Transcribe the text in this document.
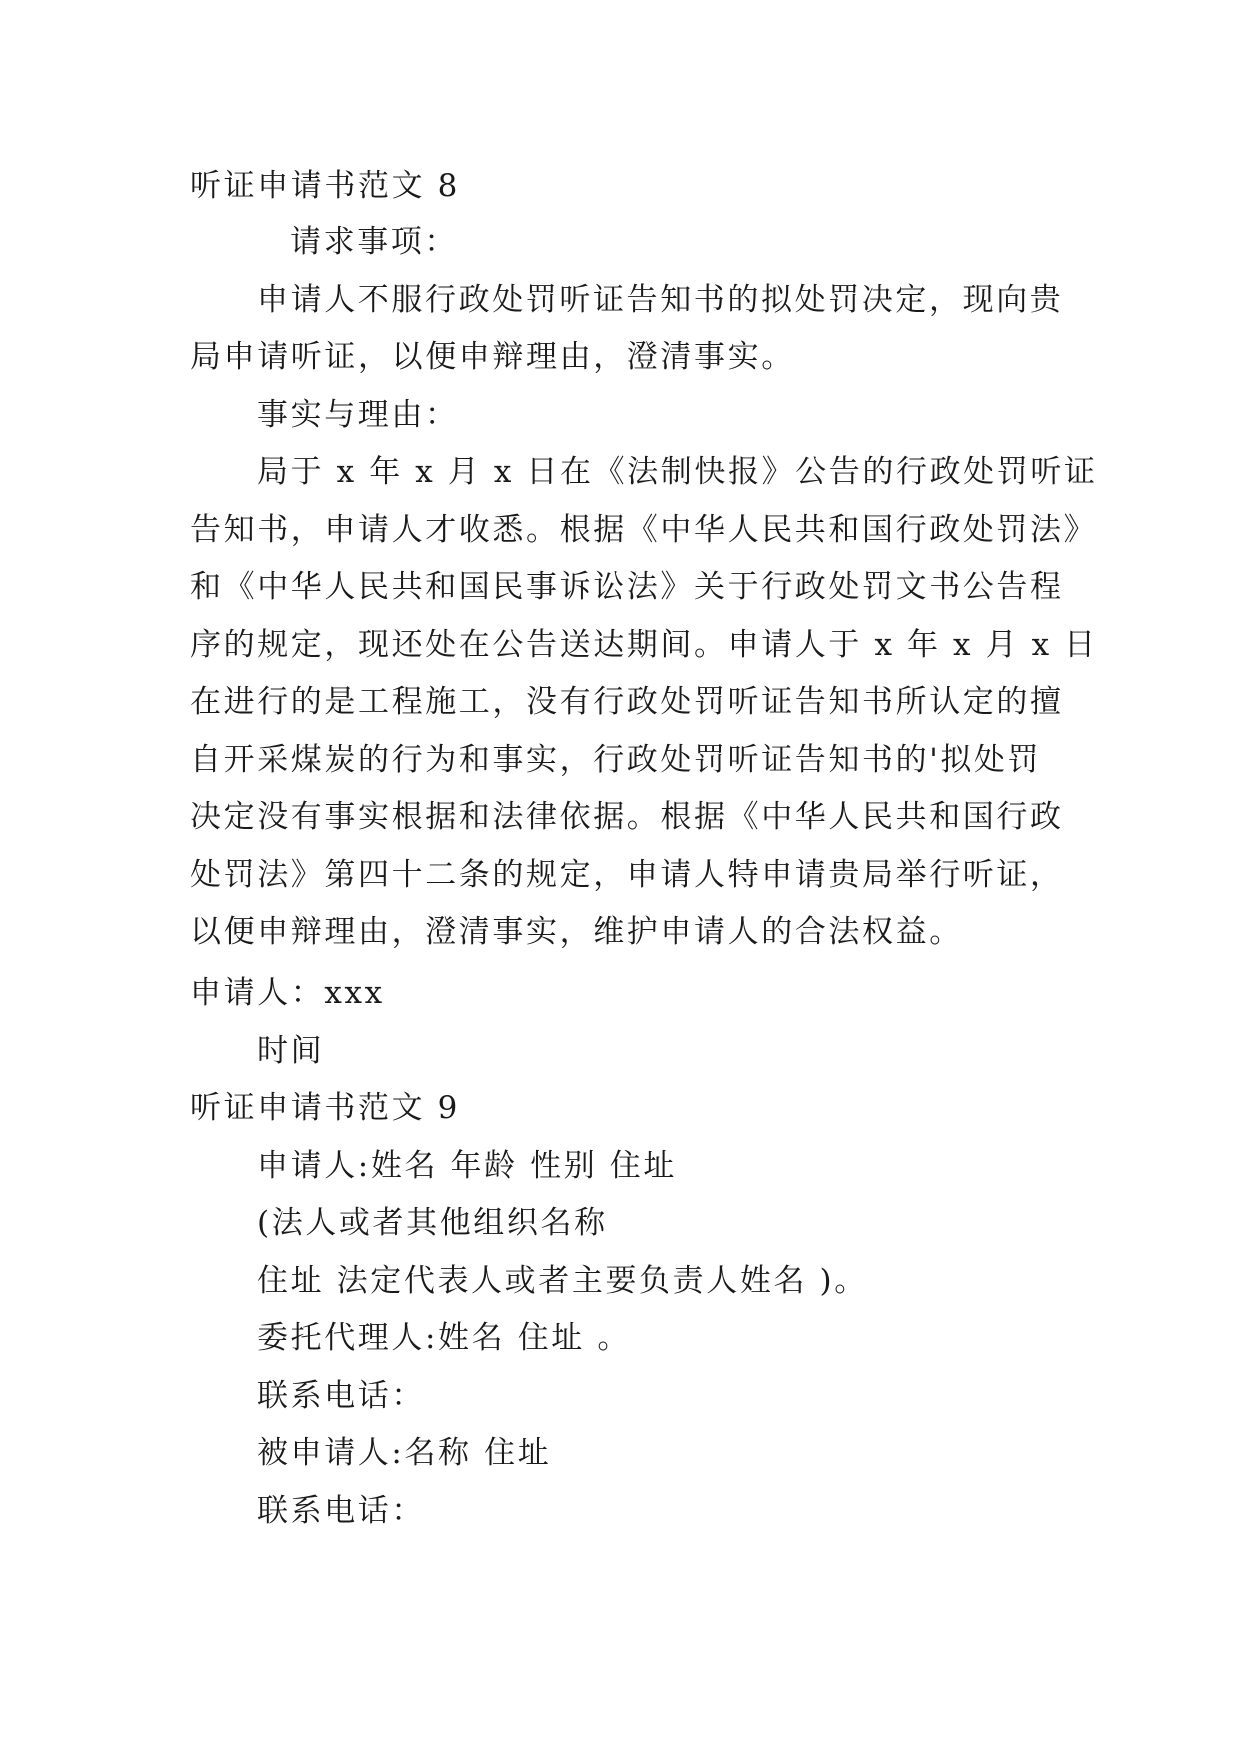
听证申请书范文 8
请求事项：
申请人不服行政处罚听证告知书的拟处罚决定，现向贵
局申请听证，以便申辩理由，澄清事实。
事实与理由：
局于 x 年 x 月 x 日在《法制快报》公告的行政处罚听证
告知书，申请人才收悉。根据《中华人民共和国行政处罚法》
和《中华人民共和国民事诉讼法》关于行政处罚文书公告程
序的规定，现还处在公告送达期间。申请人于 x 年 x 月 x 日
在进行的是工程施工，没有行政处罚听证告知书所认定的擅
自开采煤炭的行为和事实，行政处罚听证告知书的'拟处罚
决定没有事实根据和法律依据。根据《中华人民共和国行政
处罚法》第四十二条的规定，申请人特申请贵局举行听证，
以便申辩理由，澄清事实，维护申请人的合法权益。
申请人：xxx
时间
听证申请书范文 9
申请人:姓名 年龄 性别 住址
(法人或者其他组织名称
住址 法定代表人或者主要负责人姓名 )。
委托代理人:姓名 住址 。
联系电话：
被申请人:名称 住址
联系电话：
